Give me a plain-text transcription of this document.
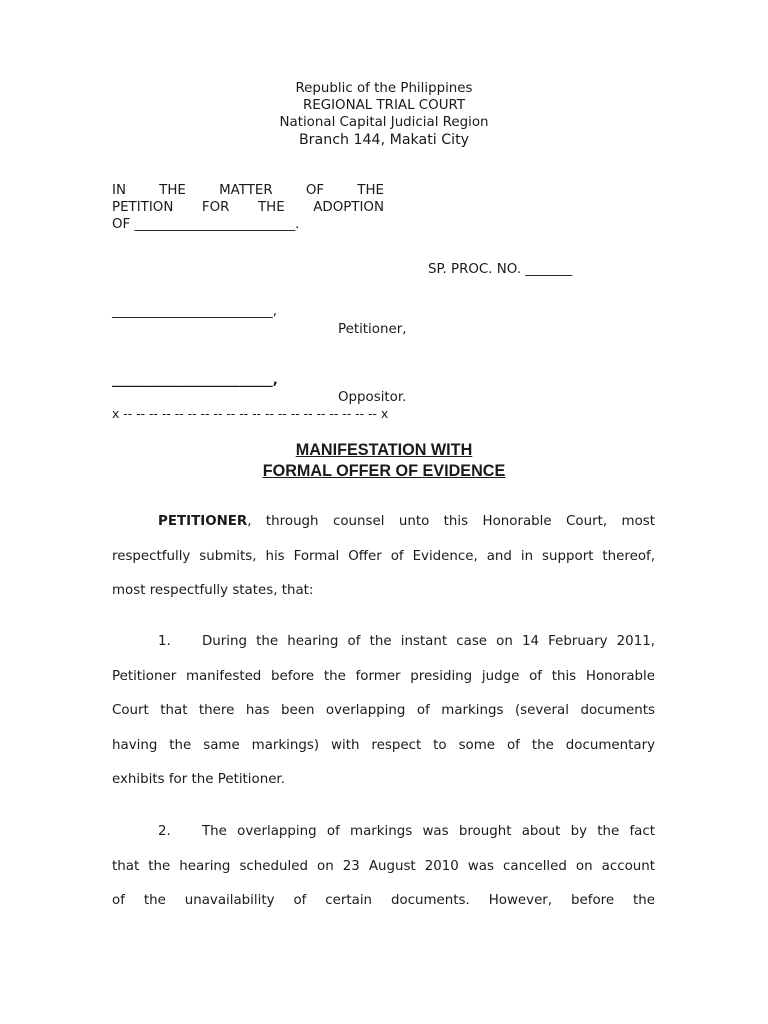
Republic of the Philippines
REGIONAL TRIAL COURT
National Capital Judicial Region
Branch 144, Makati City
IN THE MATTER OF THE
PETITION FOR THE ADOPTION
OF ________________________.
SP. PROC. NO. _______
________________________,
Petitioner,
________________________,
Oppositor.
x -- -- -- -- -- -- -- -- -- -- -- -- -- -- -- -- -- -- -- -- x
MANIFESTATION WITH
FORMAL OFFER OF EVIDENCE
PETITIONER, through counsel unto this Honorable Court, most
respectfully submits, his Formal Offer of Evidence, and in support thereof,
most respectfully states, that:
1. During the hearing of the instant case on 14 February 2011,
Petitioner manifested before the former presiding judge of this Honorable
Court that there has been overlapping of markings (several documents
having the same markings) with respect to some of the documentary
exhibits for the Petitioner.
2. The overlapping of markings was brought about by the fact
that the hearing scheduled on 23 August 2010 was cancelled on account
of the unavailability of certain documents. However, before the
